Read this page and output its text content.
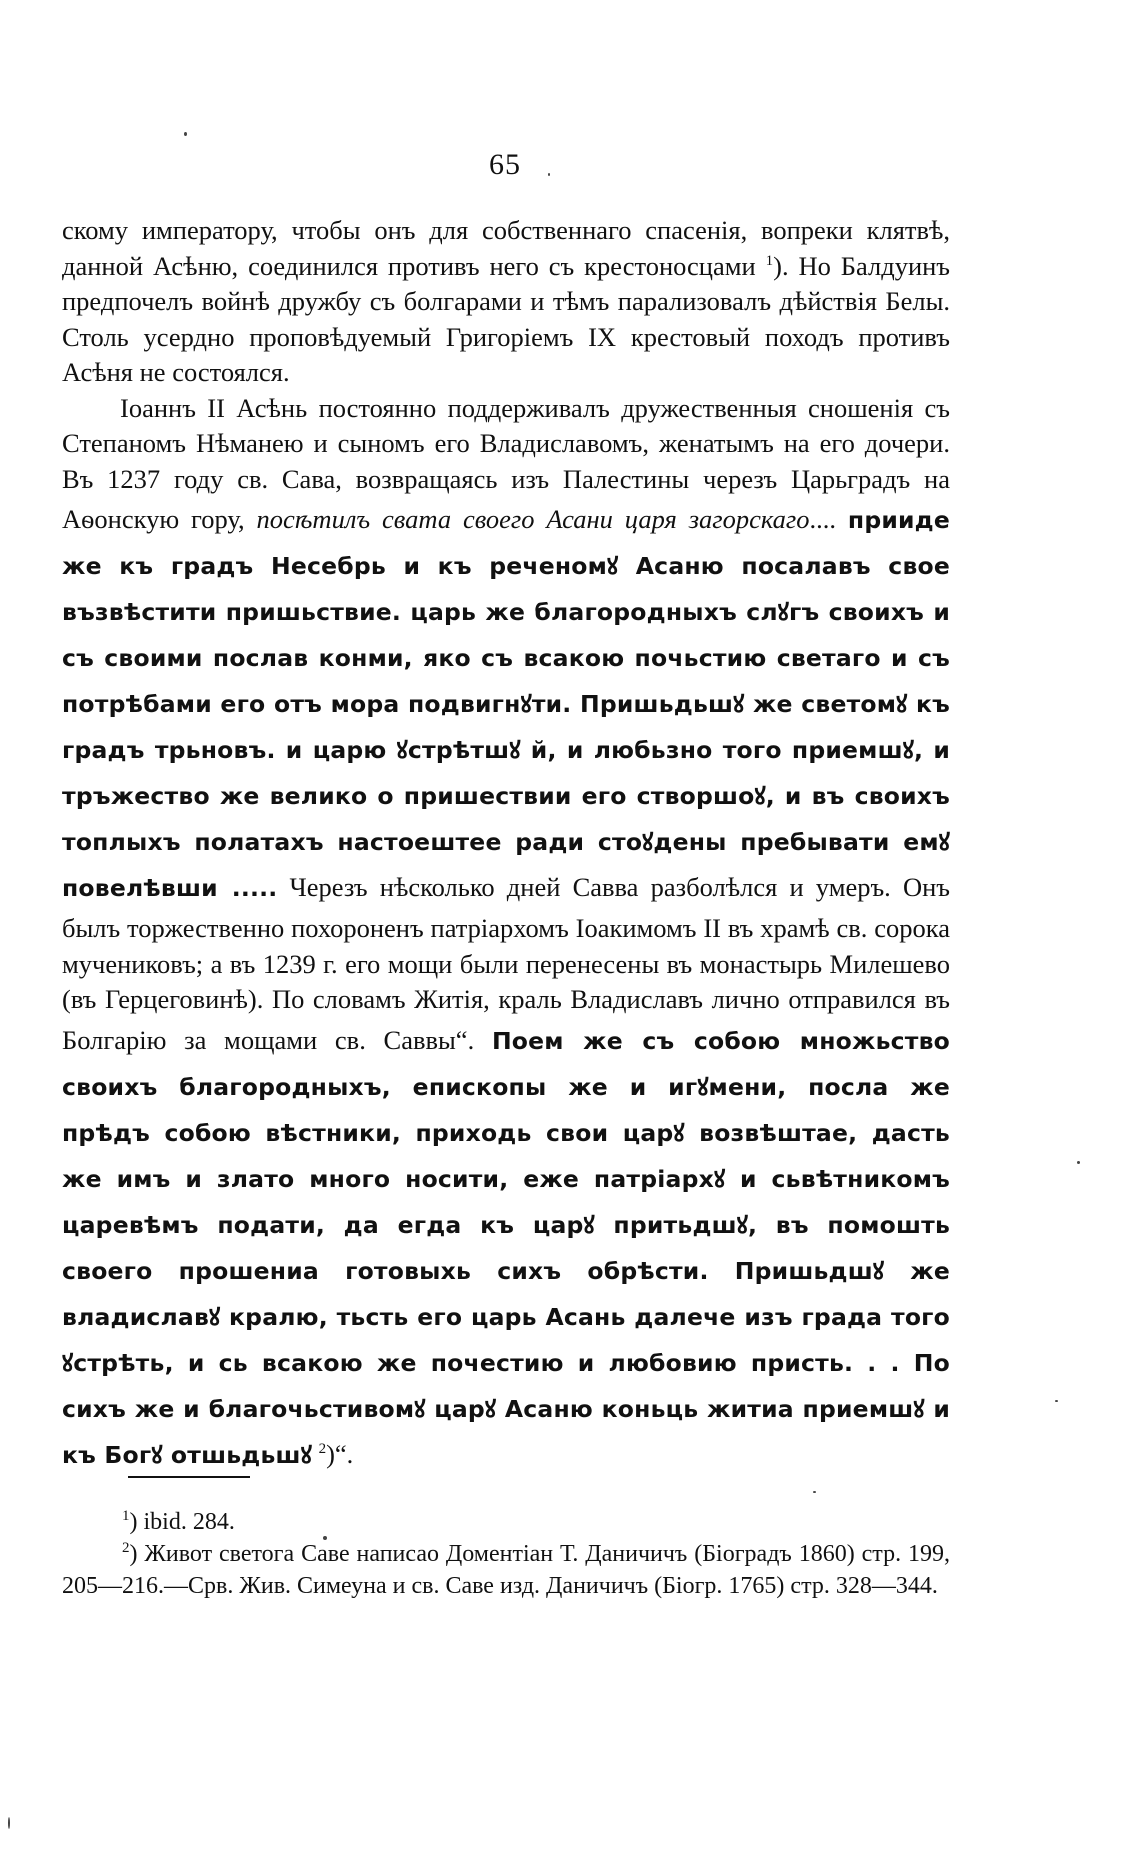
65

скому императору, чтобы онъ для собственнаго спасенія, вопреки клятвѣ, данной Асѣню, соединился противъ него съ крестоносцами $^1$). Но Балдуинъ предпочелъ войнѣ дружбу съ болгарами и тѣмъ парализовалъ дѣйствія Белы. Столь усердно проповѣдуемый Григоріемъ IX крестовый походъ противъ Асѣня не состоялся.

Іоаннъ II Асѣнь постоянно поддерживалъ дружественныя сношенія съ Степаномъ Нѣманею и сыномъ его Владиславомъ, женатымъ на его дочери. Въ 1237 году св. Сава, возвращаясь изъ Палестины черезъ Царьградъ на Аѳонскую гору, посѣтилъ свата своего Асани царя загорскаго.... прииде же къ градъ Несебрь и къ реченомꙋ Асаню посалавъ свое възвѣстити пришьствие. царь же благородныхъ слꙋгъ своихъ и съ своими послав конми, яко съ всакою почьстию светаго и съ потрѣбами его отъ мора подвигнꙋти. Пришьдьшꙋ же светомꙋ къ градъ трьновъ. и царю ꙋстрѣтшꙋ й, и любьзно того приемшꙋ, и тръжество же велико о пришествии его створшоꙋ, и въ своихъ топлыхъ полатахъ настоештее ради стоꙋдены пребывати емꙋ повелѣвши ..... Черезъ нѣсколько дней Савва разболѣлся и умеръ. Онъ былъ торжественно похороненъ патріархомъ Іоакимомъ II въ храмѣ св. сорока мучениковъ; а въ 1239 г. его мощи были перенесены въ монастырь Милешево (въ Герцеговинѣ). По словамъ Житія, краль Владиславъ лично отправился въ Болгарію за мощами св. Саввы“. Поем же съ собою множьство своихъ благородныхъ, епископы же и игꙋмени, посла же прѣдъ собою вѣстники, приходь свои царꙋ возвѣштае, дасть же имъ и злато много носити, еже патріархꙋ и сьвѣтникомъ царевѣмъ подати, да егда къ царꙋ притьдшꙋ, въ помошть своего прошениа готовыхь сихъ обрѣсти. Пришьдшꙋ же владиславꙋ кралю, тьсть его царь Асань далече изъ града того ꙋстрѣть, и сь всакою же почестию и любовию присть. . . По сихъ же и благочьстивомꙋ царꙋ Асаню коньць житиа приемшꙋ и къ Богꙋ отшьдьшꙋ $^2$)“.

$^1$) ibid. 284.

$^2$) Живот светога Саве написао Доментіан Т. Даничичъ (Біоградъ 1860) стр. 199, 205—216.—Срв. Жив. Симеуна и св. Саве изд. Даничичъ (Біогр. 1765) стр. 328—344.
